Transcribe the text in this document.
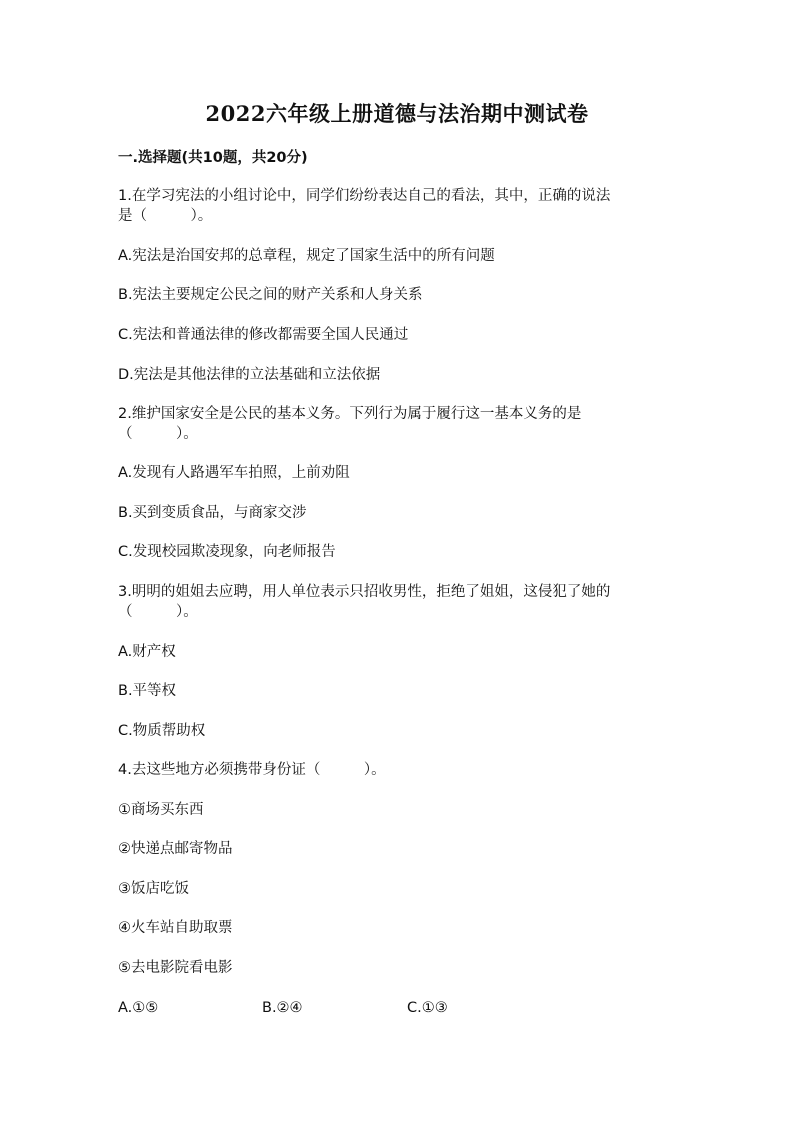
2022六年级上册道德与法治期中测试卷
一.选择题(共10题，共20分)
1.在学习宪法的小组讨论中，同学们纷纷表达自己的看法，其中，正确的说法
是（　　　）。
A.宪法是治国安邦的总章程，规定了国家生活中的所有问题
B.宪法主要规定公民之间的财产关系和人身关系
C.宪法和普通法律的修改都需要全国人民通过
D.宪法是其他法律的立法基础和立法依据
2.维护国家安全是公民的基本义务。下列行为属于履行这一基本义务的是
（　　　）。
A.发现有人路遇军车拍照，上前劝阻
B.买到变质食品，与商家交涉
C.发现校园欺凌现象，向老师报告
3.明明的姐姐去应聘，用人单位表示只招收男性，拒绝了姐姐，这侵犯了她的
（　　　）。
A.财产权
B.平等权
C.物质帮助权
4.去这些地方必须携带身份证（　　　）。
①商场买东西
②快递点邮寄物品
③饭店吃饭
④火车站自助取票
⑤去电影院看电影
A.①⑤	B.②④	C.①③
